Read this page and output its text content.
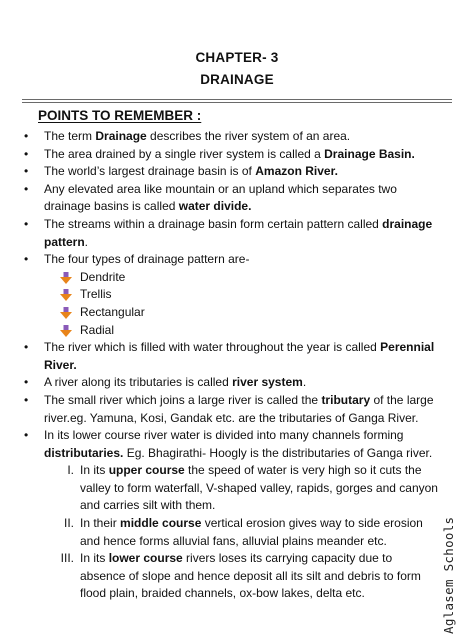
CHAPTER- 3
DRAINAGE
POINTS TO REMEMBER :
• The term Drainage describes the river system of an area.
• The area drained by a single river system is called a Drainage Basin.
• The world’s largest drainage basin is of Amazon River.
• Any elevated area like mountain or an upland which separates two drainage basins is called water divide.
• The streams within a drainage basin form certain pattern called drainage pattern.
• The four types of drainage pattern are-
Dendrite
Trellis
Rectangular
Radial
• The river which is filled with water throughout the year is called Perennial River.
• A river along its tributaries is called river system.
• The small river which joins a large river is called the tributary of the large river.eg. Yamuna, Kosi, Gandak etc. are the tributaries of Ganga River.
• In its lower course river water is divided into many channels forming distributaries. Eg. Bhagirathi- Hoogly is the distributaries of Ganga river.
I. In its upper course the speed of water is very high so it cuts the valley to form waterfall, V-shaped valley, rapids, gorges and canyon and carries silt with them.
II. In their middle course vertical erosion gives way to side erosion and hence forms alluvial fans, alluvial plains meander etc.
III. In its lower course rivers loses its carrying capacity due to absence of slope and hence deposit all its silt and debris to form flood plain, braided channels, ox-bow lakes, delta etc.	Aglasem Schools
